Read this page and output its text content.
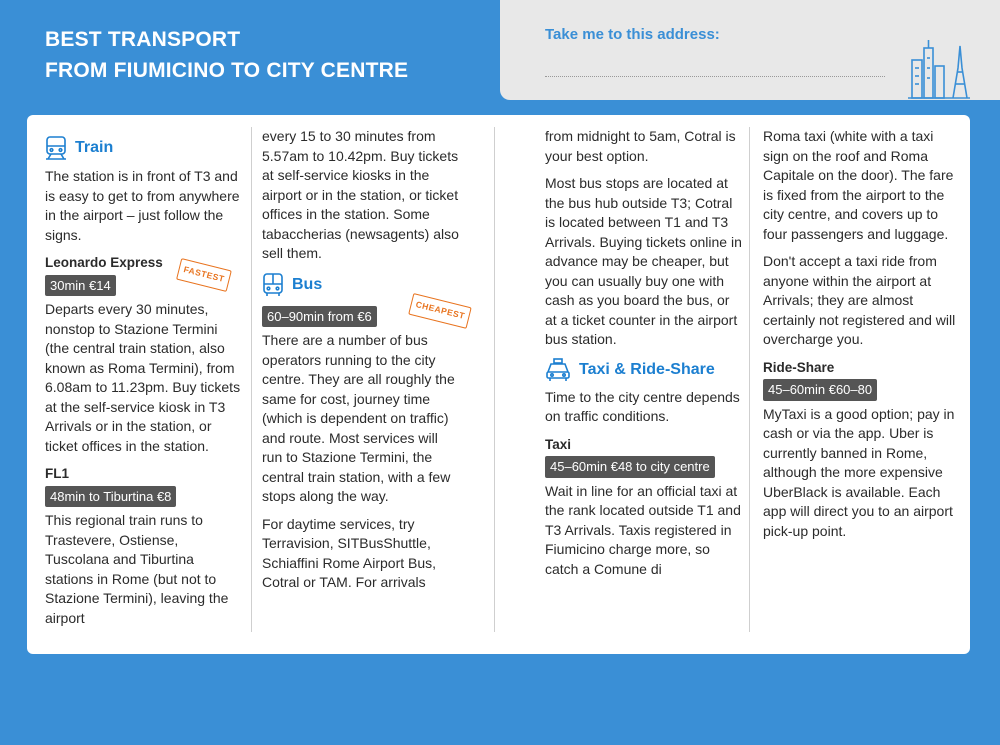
BEST TRANSPORT
FROM FIUMICINO TO CITY CENTRE
Take me to this address:
Train

The station is in front of T3 and is easy to get to from anywhere in the airport – just follow the signs.

Leonardo Express
30min €14
FASTEST

Departs every 30 minutes, nonstop to Stazione Termini (the central train station, also known as Roma Termini), from 6.08am to 11.23pm. Buy tickets at the self-service kiosk in T3 Arrivals or in the station, or ticket offices in the station.

FL1
48min to Tiburtina €8

This regional train runs to Trastevere, Ostiense, Tuscolana and Tiburtina stations in Rome (but not to Stazione Termini), leaving the airport

every 15 to 30 minutes from 5.57am to 10.42pm. Buy tickets at self-service kiosks in the airport or in the station, or ticket offices in the station. Some tabaccherias (newsagents) also sell them.

Bus
CHEAPEST
60–90min from €6

There are a number of bus operators running to the city centre. They are all roughly the same for cost, journey time (which is dependent on traffic) and route. Most services will run to Stazione Termini, the central train station, with a few stops along the way.

For daytime services, try Terravision, SITBusShuttle, Schiaffini Rome Airport Bus, Cotral or TAM. For arrivals

from midnight to 5am, Cotral is your best option.

Most bus stops are located at the bus hub outside T3; Cotral is located between T1 and T3 Arrivals. Buying tickets online in advance may be cheaper, but you can usually buy one with cash as you board the bus, or at a ticket counter in the airport bus station.

Taxi & Ride-Share

Time to the city centre depends on traffic conditions.

Taxi
45–60min €48 to city centre

Wait in line for an official taxi at the rank located outside T1 and T3 Arrivals. Taxis registered in Fiumicino charge more, so catch a Comune di

Roma taxi (white with a taxi sign on the roof and Roma Capitale on the door). The fare is fixed from the airport to the city centre, and covers up to four passengers and luggage.

Don't accept a taxi ride from anyone within the airport at Arrivals; they are almost certainly not registered and will overcharge you.

Ride-Share
45–60min €60–80

MyTaxi is a good option; pay in cash or via the app. Uber is currently banned in Rome, although the more expensive UberBlack is available. Each app will direct you to an airport pick-up point.
